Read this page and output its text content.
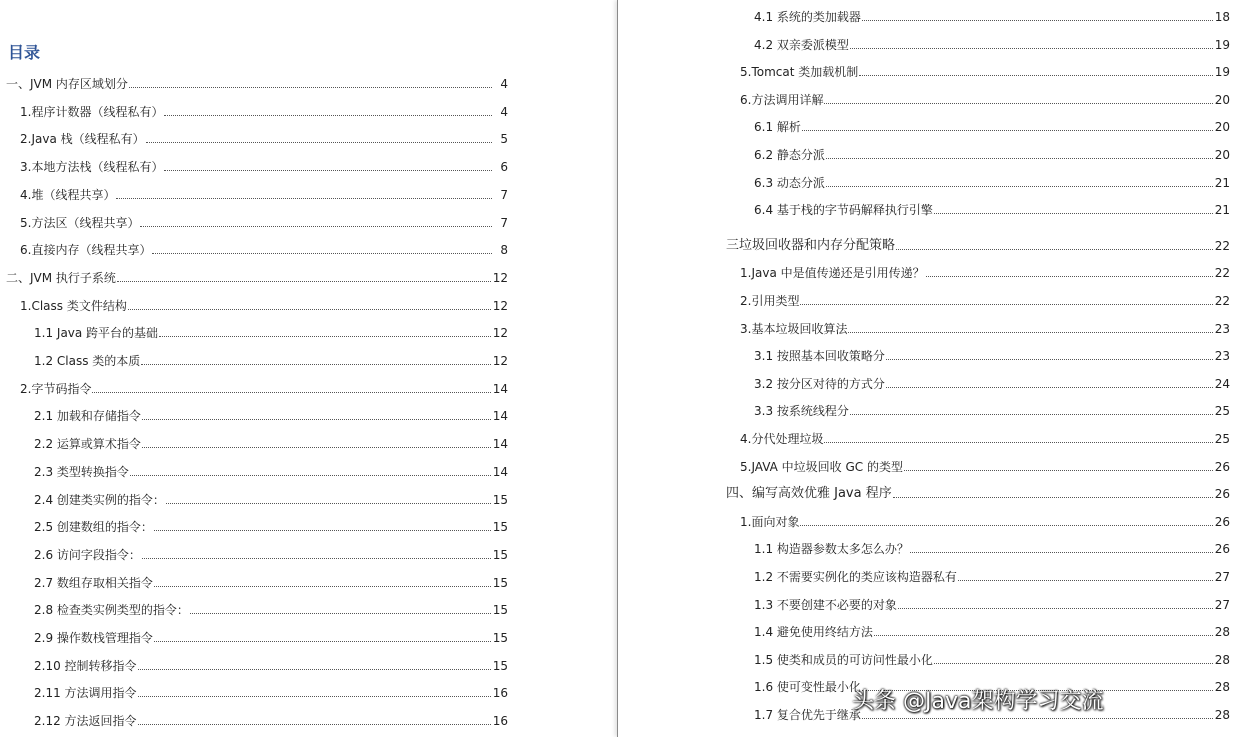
目录
一、JVM 内存区域划分	4
1.程序计数器（线程私有）	4
2.Java 栈（线程私有）	5
3.本地方法栈（线程私有）	6
4.堆（线程共享）	7
5.方法区（线程共享）	7
6.直接内存（线程共享）	8
二、JVM 执行子系统	12
1.Class 类文件结构	12
1.1 Java 跨平台的基础	12
1.2 Class 类的本质	12
2.字节码指令	14
2.1 加载和存储指令	14
2.2 运算或算术指令	14
2.3 类型转换指令	14
2.4 创建类实例的指令：	15
2.5 创建数组的指令：	15
2.6 访问字段指令：	15
2.7 数组存取相关指令	15
2.8 检查类实例类型的指令：	15
2.9 操作数栈管理指令	15
2.10 控制转移指令	15
2.11 方法调用指令	16
2.12 方法返回指令	16
4.1 系统的类加载器	18
4.2 双亲委派模型	19
5.Tomcat 类加载机制	19
6.方法调用详解	20
6.1 解析	20
6.2 静态分派	20
6.3 动态分派	21
6.4 基于栈的字节码解释执行引擎	21
三垃圾回收器和内存分配策略	22
1.Java 中是值传递还是引用传递？	22
2.引用类型	22
3.基本垃圾回收算法	23
3.1 按照基本回收策略分	23
3.2 按分区对待的方式分	24
3.3 按系统线程分	25
4.分代处理垃圾	25
5.JAVA 中垃圾回收 GC 的类型	26
四、编写高效优雅 Java 程序	26
1.面向对象	26
1.1 构造器参数太多怎么办？	26
1.2 不需要实例化的类应该构造器私有	27
1.3 不要创建不必要的对象	27
1.4 避免使用终结方法	28
1.5 使类和成员的可访问性最小化	28
1.6 使可变性最小化	28
1.7 复合优先于继承	28
头条 @Java架构学习交流
